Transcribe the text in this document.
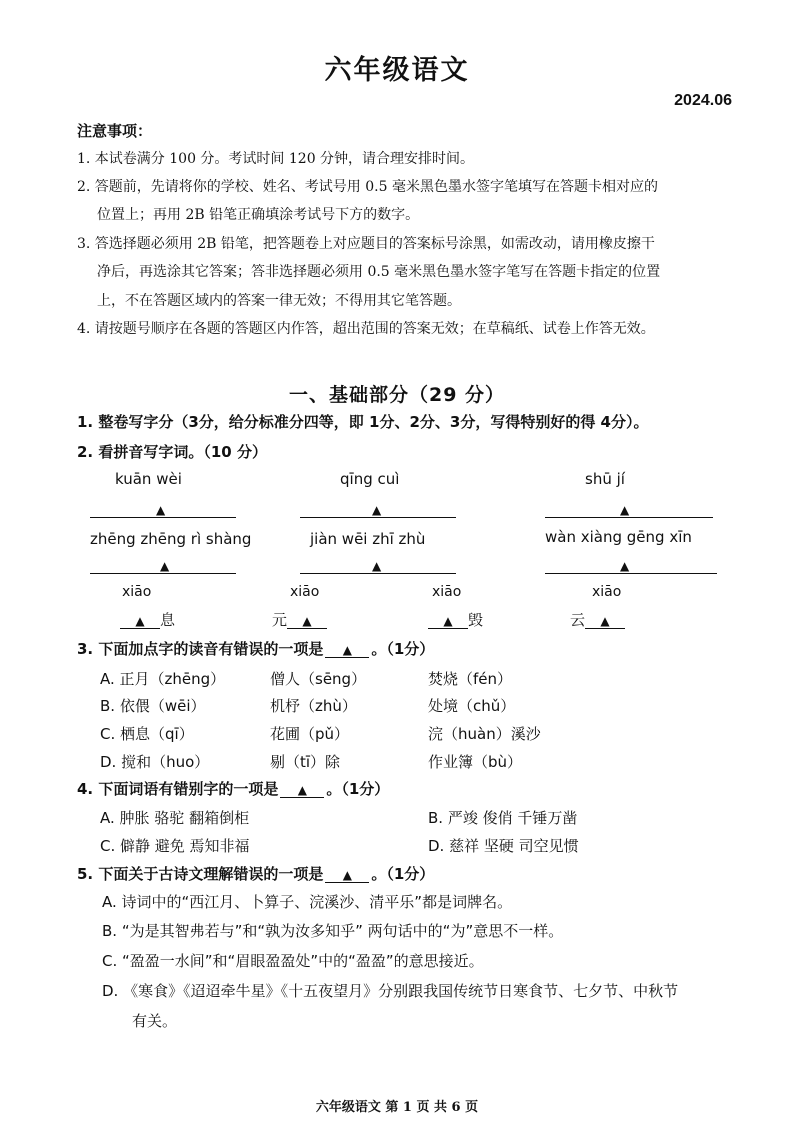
六年级语文
2024.06
注意事项：
1. 本试卷满分 100 分。考试时间 120 分钟，请合理安排时间。
2. 答题前，先请将你的学校、姓名、考试号用 0.5 毫米黑色墨水签字笔填写在答题卡相对应的
位置上；再用 2B 铅笔正确填涂考试号下方的数字。
3. 答选择题必须用 2B 铅笔，把答题卷上对应题目的答案标号涂黑，如需改动，请用橡皮擦干
净后，再选涂其它答案；答非选择题必须用 0.5 毫米黑色墨水签字笔写在答题卡指定的位置
上，不在答题区域内的答案一律无效；不得用其它笔答题。
4. 请按题号顺序在各题的答题区内作答，超出范围的答案无效；在草稿纸、试卷上作答无效。
一、基础部分（29 分）
1. 整卷写字分（3分，给分标准分四等，即 1分、2分、3分，写得特别好的得 4分）。
2. 看拼音写字词。（10 分）
kuān wèi	qīng cuì	shū jí
▲	▲	▲
zhēng zhēng rì shàng	jiàn wēi zhī zhù	wàn xiàng gēng xīn
▲	▲	▲
xiāo	xiāo	xiāo	xiāo
▲ 息	元 ▲	▲ 毁	云 ▲
3. 下面加点字的读音有错误的一项是 ▲ 。（1分）
A. 正月（zhēng）	僧人（sēng）	焚烧（fén）
B. 依偎（wēi）	机杼（zhù）	处境（chǔ）
C. 栖息（qī）	花圃（pǔ）	浣（huàn）溪沙
D. 搅和（huo）	剔（tī）除	作业簿（bù）
4. 下面词语有错别字的一项是 ▲ 。（1分）
A. 肿胀 骆驼 翻箱倒柜	B. 严竣 俊俏 千锤万凿
C. 僻静 避免 焉知非福	D. 慈祥 坚硬 司空见惯
5. 下面关于古诗文理解错误的一项是 ▲ 。（1分）
A. 诗词中的“西江月、卜算子、浣溪沙、清平乐”都是词牌名。
B. “为是其智弗若与”和“孰为汝多知乎” 两句话中的“为”意思不一样。
C. “盈盈一水间”和“眉眼盈盈处”中的“盈盈”的意思接近。
D. 《寒食》《迢迢牵牛星》《十五夜望月》分别跟我国传统节日寒食节、七夕节、中秋节
有关。
六年级语文 第 1 页 共 6 页
